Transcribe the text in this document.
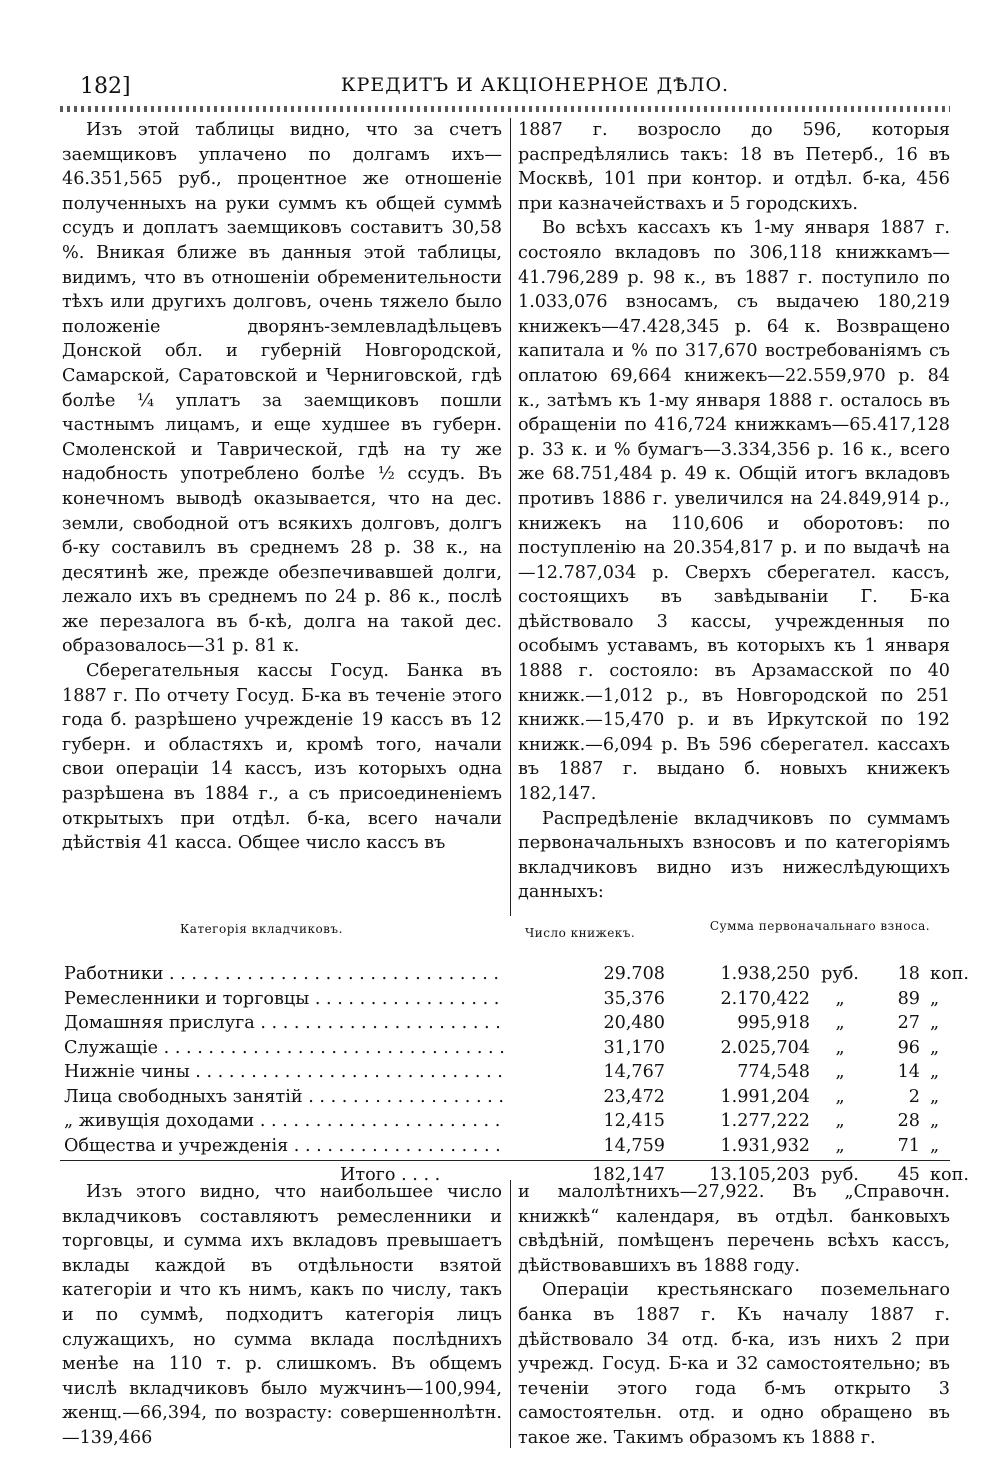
182]	КРЕДИТЪ И АКЦІОНЕРНОЕ ДѢЛО.

Изъ этой таблицы видно, что за счетъ заемщиковъ уплачено по долгамъ ихъ—46.351,565 руб., процентное же отношеніе полученныхъ на руки суммъ къ общей суммѣ ссудъ и доплатъ заемщиковъ составитъ 30,58 %. Вникая ближе въ данныя этой таблицы, видимъ, что въ отношеніи обременительности тѣхъ или другихъ долговъ, очень тяжело было положеніе дворянъ-землевладѣльцевъ Донской обл. и губерній Новгородской, Самарской, Саратовской и Черниговской, гдѣ болѣе ¼ уплатъ за заемщиковъ пошли частнымъ лицамъ, и еще худшее въ губерн. Смоленской и Таврической, гдѣ на ту же надобность употреблено болѣе ½ ссудъ. Въ конечномъ выводѣ оказывается, что на дес. земли, свободной отъ всякихъ долговъ, долгъ б-ку составилъ въ среднемъ 28 р. 38 к., на десятинѣ же, прежде обезпечивавшей долги, лежало ихъ въ среднемъ по 24 р. 86 к., послѣ же перезалога въ б-кѣ, долга на такой дес. образовалось—31 р. 81 к.

Сберегательныя кассы Госуд. Банка въ 1887 г. По отчету Госуд. Б-ка въ теченіе этого года б. разрѣшено учрежденіе 19 кассъ въ 12 губерн. и областяхъ и, кромѣ того, начали свои операціи 14 кассъ, изъ которыхъ одна разрѣшена въ 1884 г., а съ присоединеніемъ открытыхъ при отдѣл. б-ка, всего начали дѣйствія 41 касса. Общее число кассъ въ

1887 г. возросло до 596, которыя распредѣлялись такъ: 18 въ Петерб., 16 въ Москвѣ, 101 при контор. и отдѣл. б-ка, 456 при казначействахъ и 5 городскихъ.

Во всѣхъ кассахъ къ 1-му января 1887 г. состояло вкладовъ по 306,118 книжкамъ—41.796,289 р. 98 к., въ 1887 г. поступило по 1.033,076 взносамъ, съ выдачею 180,219 книжекъ—47.428,345 р. 64 к. Возвращено капитала и % по 317,670 востребованіямъ съ оплатою 69,664 книжекъ—22.559,970 р. 84 к., затѣмъ къ 1-му января 1888 г. осталось въ обращеніи по 416,724 книжкамъ—65.417,128 р. 33 к. и % бумагъ—3.334,356 р. 16 к., всего же 68.751,484 р. 49 к. Общій итогъ вкладовъ противъ 1886 г. увеличился на 24.849,914 р., книжекъ на 110,606 и оборотовъ: по поступленію на 20.354,817 р. и по выдачѣ на—12.787,034 р. Сверхъ сберегател. кассъ, состоящихъ въ завѣдываніи Г. Б-ка дѣйствовало 3 кассы, учрежденныя по особымъ уставамъ, въ которыхъ къ 1 января 1888 г. состояло: въ Арзамасской по 40 книжк.—1,012 р., въ Новгородской по 251 книжк.—15,470 р. и въ Иркутской по 192 книжк.—6,094 р. Въ 596 сберегател. кассахъ въ 1887 г. выдано б. новыхъ книжекъ 182,147.

Распредѣленіе вкладчиковъ по суммамъ первоначальныхъ взносовъ и по категоріямъ вкладчиковъ видно изъ нижеслѣдующихъ данныхъ:

Категорія вкладчиковъ.	Число книжекъ.	Сумма первоначальнаго взноса.
Работники . . .	29.708	1.938,250 руб.	18 коп.
Ремесленники и торговцы . . .	35,376	2.170,422	„	89 „
Домашняя прислуга . . .	20,480	995,918	„	27 „
Служащіе . . .	31,170	2.025,704	„	96 „
Нижніе чины . . .	14,767	774,548	„	14 „
Лица свободныхъ занятій . . .	23,472	1.991,204	„	2 „
„ живущія доходами . . .	12,415	1.277,222	„	28 „
Общества и учрежденія . . .	14,759	1.931,932	„	71 „
Итого . . . .	182,147	13.105,203 руб.	45 коп.

Изъ этого видно, что наибольшее число вкладчиковъ составляютъ ремесленники и торговцы, и сумма ихъ вкладовъ превышаетъ вклады каждой въ отдѣльности взятой категоріи и что къ нимъ, какъ по числу, такъ и по суммѣ, подходитъ категорія лицъ служащихъ, но сумма вклада послѣднихъ менѣе на 110 т. р. слишкомъ. Въ общемъ числѣ вкладчиковъ было мужчинъ—100,994, женщ.—66,394, по возрасту: совершеннолѣтн.—139,466

и малолѣтнихъ—27,922. Въ „Справочн. книжкѣ“ календаря, въ отдѣл. банковыхъ свѣдѣній, помѣщенъ перечень всѣхъ кассъ, дѣйствовавшихъ въ 1888 году.

Операціи крестьянскаго поземельнаго банка въ 1887 г. Къ началу 1887 г. дѣйствовало 34 отд. б-ка, изъ нихъ 2 при учрежд. Госуд. Б-ка и 32 самостоятельно; въ теченіи этого года б-мъ открыто 3 самостоятельн. отд. и одно обращено въ такое же. Такимъ образомъ къ 1888 г.
